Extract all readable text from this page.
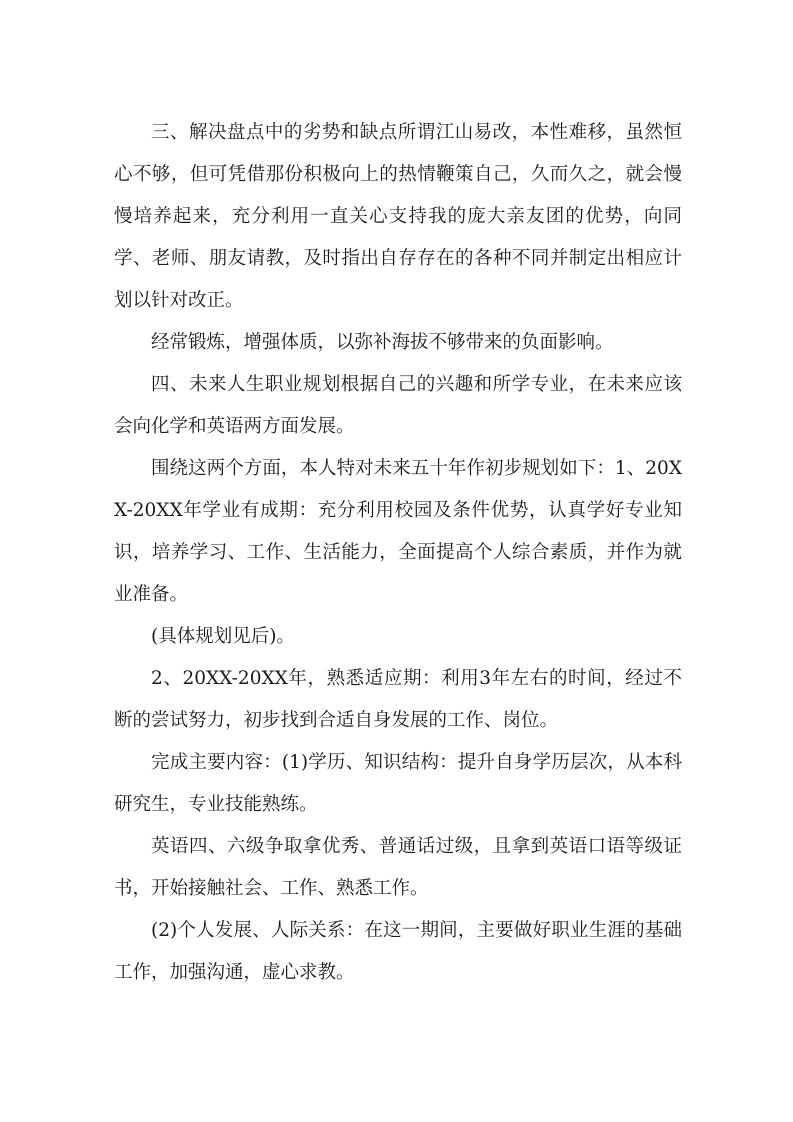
三、解决盘点中的劣势和缺点所谓江山易改，本性难移，虽然恒心不够，但可凭借那份积极向上的热情鞭策自己，久而久之，就会慢慢培养起来，充分利用一直关心支持我的庞大亲友团的优势，向同学、老师、朋友请教，及时指出自存存在的各种不同并制定出相应计划以针对改正。

经常锻炼，增强体质，以弥补海拔不够带来的负面影响。

四、未来人生职业规划根据自己的兴趣和所学专业，在未来应该会向化学和英语两方面发展。

围绕这两个方面，本人特对未来五十年作初步规划如下：1、20XX-20XX年学业有成期：充分利用校园及条件优势，认真学好专业知识，培养学习、工作、生活能力，全面提高个人综合素质，并作为就业准备。

(具体规划见后)。

2、20XX-20XX年，熟悉适应期：利用3年左右的时间，经过不断的尝试努力，初步找到合适自身发展的工作、岗位。

完成主要内容：(1)学历、知识结构：提升自身学历层次，从本科研究生，专业技能熟练。

英语四、六级争取拿优秀、普通话过级，且拿到英语口语等级证书，开始接触社会、工作、熟悉工作。

(2)个人发展、人际关系：在这一期间，主要做好职业生涯的基础工作，加强沟通，虚心求教。
